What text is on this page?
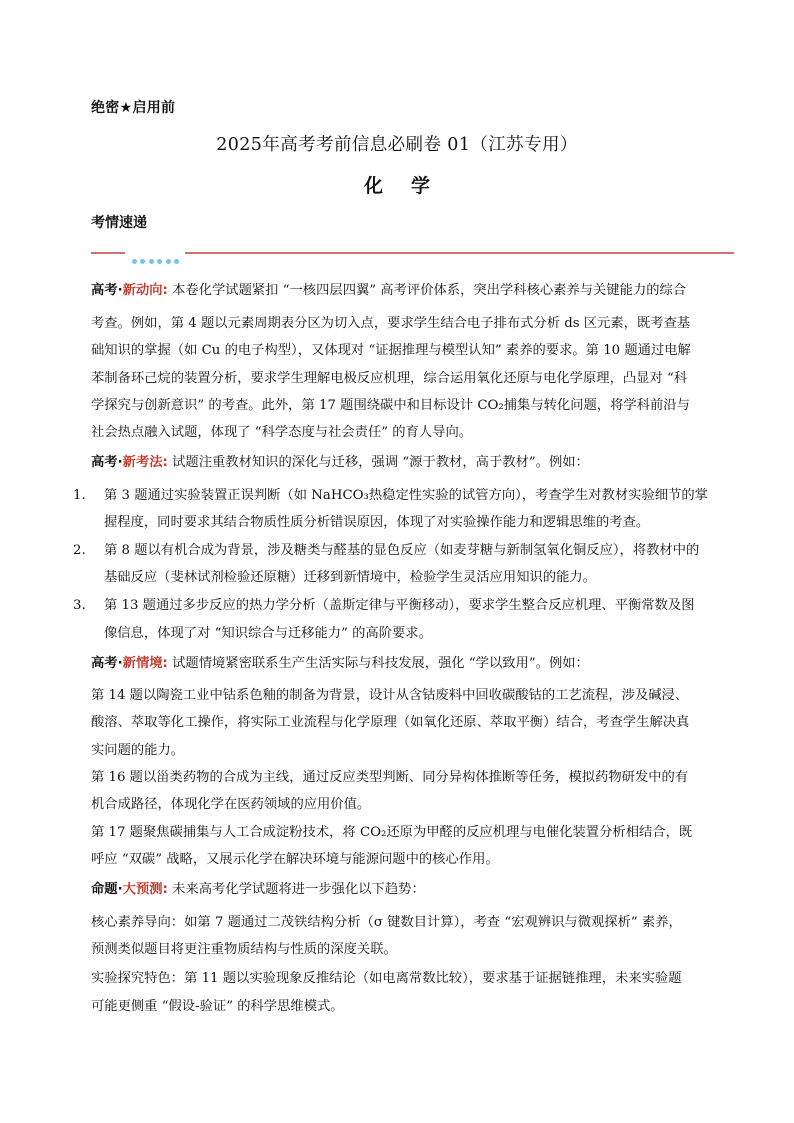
绝密★启用前
2025年高考考前信息必刷卷 01（江苏专用）
化学
考情速递
高考·新动向: 本卷化学试题紧扣 “一核四层四翼” 高考评价体系，突出学科核心素养与关键能力的综合
考查。例如，第 4 题以元素周期表分区为切入点，要求学生结合电子排布式分析 ds 区元素，既考查基
础知识的掌握（如 Cu 的电子构型），又体现对 “证据推理与模型认知” 素养的要求。第 10 题通过电解
苯制备环己烷的装置分析，要求学生理解电极反应机理，综合运用氧化还原与电化学原理，凸显对 “科
学探究与创新意识” 的考查。此外，第 17 题围绕碳中和目标设计 CO₂捕集与转化问题，将学科前沿与
社会热点融入试题，体现了 “科学态度与社会责任” 的育人导向。
高考·新考法: 试题注重教材知识的深化与迁移，强调 “源于教材，高于教材”。例如：
1. 第 3 题通过实验装置正误判断（如 NaHCO₃热稳定性实验的试管方向），考查学生对教材实验细节的掌
握程度，同时要求其结合物质性质分析错误原因，体现了对实验操作能力和逻辑思维的考查。
2. 第 8 题以有机合成为背景，涉及糖类与醛基的显色反应（如麦芽糖与新制氢氧化铜反应），将教材中的
基础反应（斐林试剂检验还原糖）迁移到新情境中，检验学生灵活应用知识的能力。
3. 第 13 题通过多步反应的热力学分析（盖斯定律与平衡移动），要求学生整合反应机理、平衡常数及图
像信息，体现了对 “知识综合与迁移能力” 的高阶要求。
高考·新情境: 试题情境紧密联系生产生活实际与科技发展，强化 “学以致用”。例如：
第 14 题以陶瓷工业中钴系色釉的制备为背景，设计从含钴废料中回收碳酸钴的工艺流程，涉及碱浸、
酸溶、萃取等化工操作，将实际工业流程与化学原理（如氧化还原、萃取平衡）结合，考查学生解决真
实问题的能力。
第 16 题以甾类药物的合成为主线，通过反应类型判断、同分异构体推断等任务，模拟药物研发中的有
机合成路径，体现化学在医药领域的应用价值。
第 17 题聚焦碳捕集与人工合成淀粉技术，将 CO₂还原为甲醛的反应机理与电催化装置分析相结合，既
呼应 “双碳” 战略，又展示化学在解决环境与能源问题中的核心作用。
命题·大预测: 未来高考化学试题将进一步强化以下趋势：
核心素养导向：如第 7 题通过二茂铁结构分析（σ 键数目计算），考查 “宏观辨识与微观探析” 素养，
预测类似题目将更注重物质结构与性质的深度关联。
实验探究特色：第 11 题以实验现象反推结论（如电离常数比较），要求基于证据链推理，未来实验题
可能更侧重 “假设-验证” 的科学思维模式。
